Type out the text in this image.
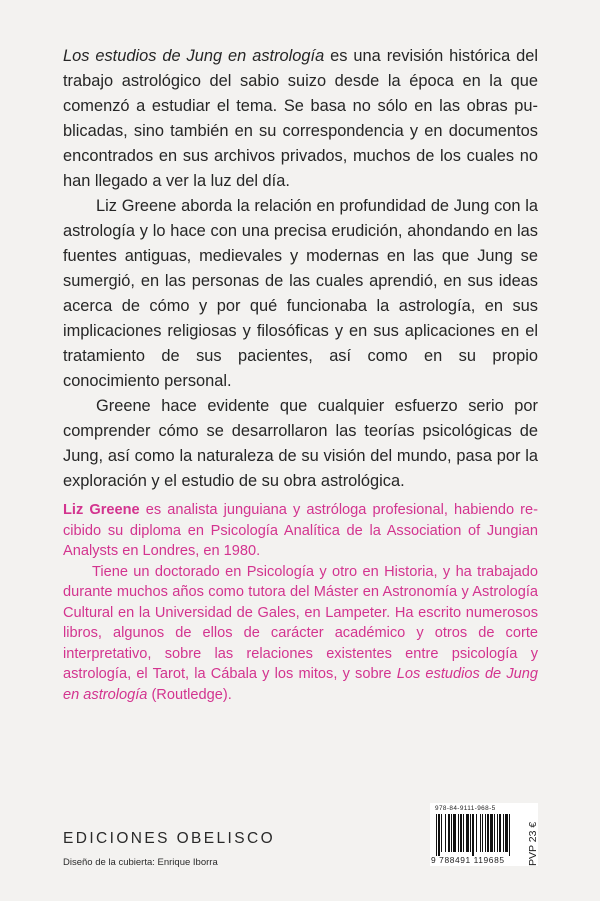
Los estudios de Jung en astrología es una revisión histórica del trabajo astrológico del sabio suizo desde la época en la que comenzó a estudiar el tema. Se basa no sólo en las obras publicadas, sino también en su correspondencia y en documentos encontrados en sus archivos privados, muchos de los cuales no han llegado a ver la luz del día.

Liz Greene aborda la relación en profundidad de Jung con la astrología y lo hace con una precisa erudición, ahondando en las fuentes antiguas, medievales y modernas en las que Jung se sumergió, en las personas de las cuales aprendió, en sus ideas acerca de cómo y por qué funcionaba la astrología, en sus implicaciones religiosas y filosóficas y en sus aplicaciones en el tratamiento de sus pacientes, así como en su propio conocimiento personal.

Greene hace evidente que cualquier esfuerzo serio por comprender cómo se desarrollaron las teorías psicológicas de Jung, así como la naturaleza de su visión del mundo, pasa por la exploración y el estudio de su obra astrológica.

Liz Greene es analista junguiana y astróloga profesional, habiendo recibido su diploma en Psicología Analítica de la Association of Jungian Analysts en Londres, en 1980.

Tiene un doctorado en Psicología y otro en Historia, y ha trabajado durante muchos años como tutora del Máster en Astronomía y Astrología Cultural en la Universidad de Gales, en Lampeter. Ha escrito numerosos libros, algunos de ellos de carácter académico y otros de corte interpretativo, sobre las relaciones existentes entre psicología y astrología, el Tarot, la Cábala y los mitos, y sobre Los estudios de Jung en astrología (Routledge).

EDICIONES OBELISCO
Diseño de la cubierta: Enrique Iborra
978-84-9111-968-5
9 788491 119685 PVP 23 €
